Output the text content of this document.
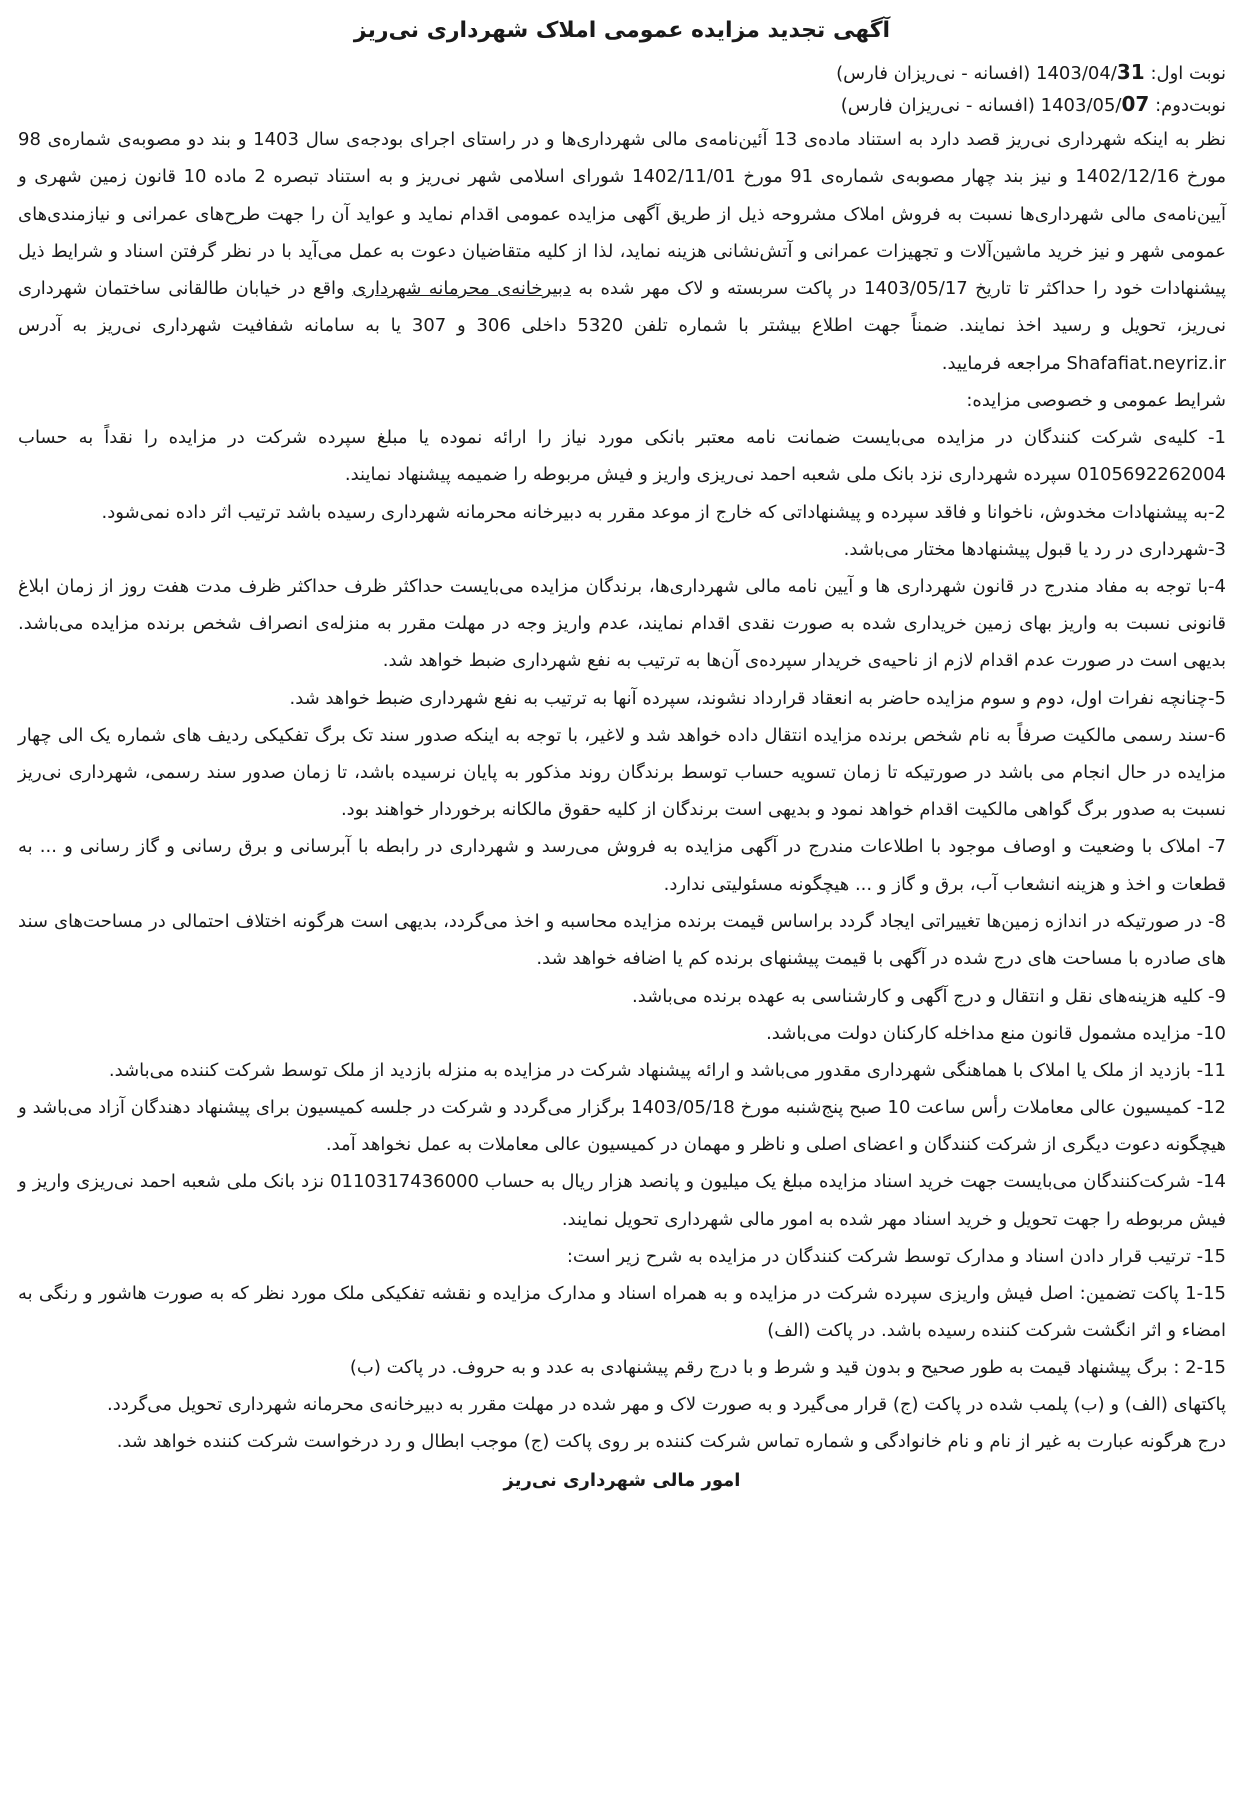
آگهی تجدید مزایده عمومی املاک شهرداری نی‌ریز

نوبت اول: 1403/04/31 (افسانه - نی‌ریزان فارس)

نوبت‌دوم: 1403/05/07 (افسانه - نی‌ریزان فارس)

نظر به اینکه شهرداری نی‌ریز قصد دارد به استناد ماده‌ی 13 آئین‌نامه‌ی مالی شهرداری‌ها و در راستای اجرای بودجه‌ی سال 1403 و بند دو مصوبه‌ی شماره‌ی 98 مورخ 1402/12/16 و نیز بند چهار مصوبه‌ی شماره‌ی 91 مورخ 1402/11/01 شورای اسلامی شهر نی‌ریز و به استناد تبصره 2 ماده 10 قانون زمین شهری و آیین‌نامه‌ی مالی شهرداری‌ها نسبت به فروش املاک مشروحه ذیل از طریق آگهی مزایده عمومی اقدام نماید و عواید آن را جهت طرح‌های عمرانی و نیازمندی‌های عمومی شهر و نیز خرید ماشین‌آلات و تجهیزات عمرانی و آتش‌نشانی هزینه نماید، لذا از کلیه متقاضیان دعوت به عمل می‌آید با در نظر گرفتن اسناد و شرایط ذیل پیشنهادات خود را حداکثر تا تاریخ 1403/05/17 در پاکت سربسته و لاک مهر شده به دبیرخانه‌ی محرمانه شهرداری واقع در خیابان طالقانی ساختمان شهرداری نی‌ریز، تحویل و رسید اخذ نمایند. ضمناً جهت اطلاع بیشتر با شماره تلفن 5320 داخلی 306 و 307 یا به سامانه شفافیت شهرداری نی‌ریز به آدرس Shafafiat.neyriz.ir مراجعه فرمایید.

شرایط عمومی و خصوصی مزایده:

1- کلیه‌ی شرکت کنندگان در مزایده می‌بایست ضمانت نامه معتبر بانکی مورد نیاز را ارائه نموده یا مبلغ سپرده شرکت در مزایده را نقداً به حساب 0105692262004 سپرده شهرداری نزد بانک ملی شعبه احمد نی‌ریزی واریز و فیش مربوطه را ضمیمه پیشنهاد نمایند.

2-به پیشنهادات مخدوش، ناخوانا و فاقد سپرده و پیشنهاداتی که خارج از موعد مقرر به دبیرخانه محرمانه شهرداری رسیده باشد ترتیب اثر داده نمی‌شود.

3-شهرداری در رد یا قبول پیشنهادها مختار می‌باشد.

4-با توجه به مفاد مندرج در قانون شهرداری ها و آیین نامه مالی شهرداری‌ها، برندگان مزایده می‌بایست حداکثر ظرف حداکثر ظرف مدت هفت روز از زمان ابلاغ قانونی نسبت به واریز بهای زمین خریداری شده به صورت نقدی اقدام نمایند، عدم واریز وجه در مهلت مقرر به منزله‌ی انصراف شخص برنده مزایده می‌باشد. بدیهی است در صورت عدم اقدام لازم از ناحیه‌ی خریدار سپرده‌ی آن‌ها به ترتیب به نفع شهرداری ضبط خواهد شد.

5-چنانچه نفرات اول، دوم و سوم مزایده حاضر به انعقاد قرارداد نشوند، سپرده آنها به ترتیب به نفع شهرداری ضبط خواهد شد.

6-سند رسمی مالکیت صرفاً به نام شخص برنده مزایده انتقال داده خواهد شد و لاغیر، با توجه به اینکه صدور سند تک برگ تفکیکی ردیف های شماره یک الی چهار مزایده در حال انجام می باشد در صورتیکه تا زمان تسویه حساب توسط برندگان روند مذکور به پایان نرسیده باشد، تا زمان صدور سند رسمی، شهرداری نی‌ریز نسبت به صدور برگ گواهی مالکیت اقدام خواهد نمود و بدیهی است برندگان از کلیه حقوق مالکانه برخوردار خواهند بود.

7- املاک با وضعیت و اوصاف موجود با اطلاعات مندرج در آگهی مزایده به فروش می‌رسد و شهرداری در رابطه با آبرسانی و برق رسانی و گاز رسانی و ... به قطعات و اخذ و هزینه انشعاب آب، برق و گاز و ... هیچگونه مسئولیتی ندارد.

8- در صورتیکه در اندازه زمین‌ها تغییراتی ایجاد گردد براساس قیمت برنده مزایده محاسبه و اخذ می‌گردد، بدیهی است هرگونه اختلاف احتمالی در مساحت‌های سند های صادره با مساحت های درج شده در آگهی با قیمت پیشنهای برنده کم یا اضافه خواهد شد.

9- کلیه هزینه‌های نقل و انتقال و درج آگهی و کارشناسی به عهده برنده می‌باشد.

10- مزایده مشمول قانون منع مداخله کارکنان دولت می‌باشد.

11- بازدید از ملک یا املاک با هماهنگی شهرداری مقدور می‌باشد و ارائه پیشنهاد شرکت در مزایده به منزله بازدید از ملک توسط شرکت کننده می‌باشد.

12- کمیسیون عالی معاملات رأس ساعت 10 صبح پنج‌شنبه مورخ 1403/05/18 برگزار می‌گردد و شرکت در جلسه کمیسیون برای پیشنهاد دهندگان آزاد می‌باشد و هیچگونه دعوت دیگری از شرکت کنندگان و اعضای اصلی و ناظر و مهمان در کمیسیون عالی معاملات به عمل نخواهد آمد.

14- شرکت‌کنندگان می‌بایست جهت خرید اسناد مزایده مبلغ یک میلیون و پانصد هزار ریال به حساب 0110317436000 نزد بانک ملی شعبه احمد نی‌ریزی واریز و فیش مربوطه را جهت تحویل و خرید اسناد مهر شده به امور مالی شهرداری تحویل نمایند.

15- ترتیب قرار دادن اسناد و مدارک توسط شرکت کنندگان در مزایده به شرح زیر است:

1-15 پاکت تضمین: اصل فیش واریزی سپرده شرکت در مزایده و به همراه اسناد و مدارک مزایده و نقشه تفکیکی ملک مورد نظر که به صورت هاشور و رنگی به امضاء و اثر انگشت شرکت کننده رسیده باشد. در پاکت (الف)

2-15 : برگ پیشنهاد قیمت به طور صحیح و بدون قید و شرط و با درج رقم پیشنهادی به عدد و به حروف. در پاکت (ب)

پاکتهای (الف) و (ب) پلمب شده در پاکت (ج) قرار می‌گیرد و به صورت لاک و مهر شده در مهلت مقرر به دبیرخانه‌ی محرمانه شهرداری تحویل می‌گردد.

درج هرگونه عبارت به غیر از نام و نام خانوادگی و شماره تماس شرکت کننده بر روی پاکت (ج) موجب ابطال و رد درخواست شرکت کننده خواهد شد.

امور مالی شهرداری نی‌ریز
